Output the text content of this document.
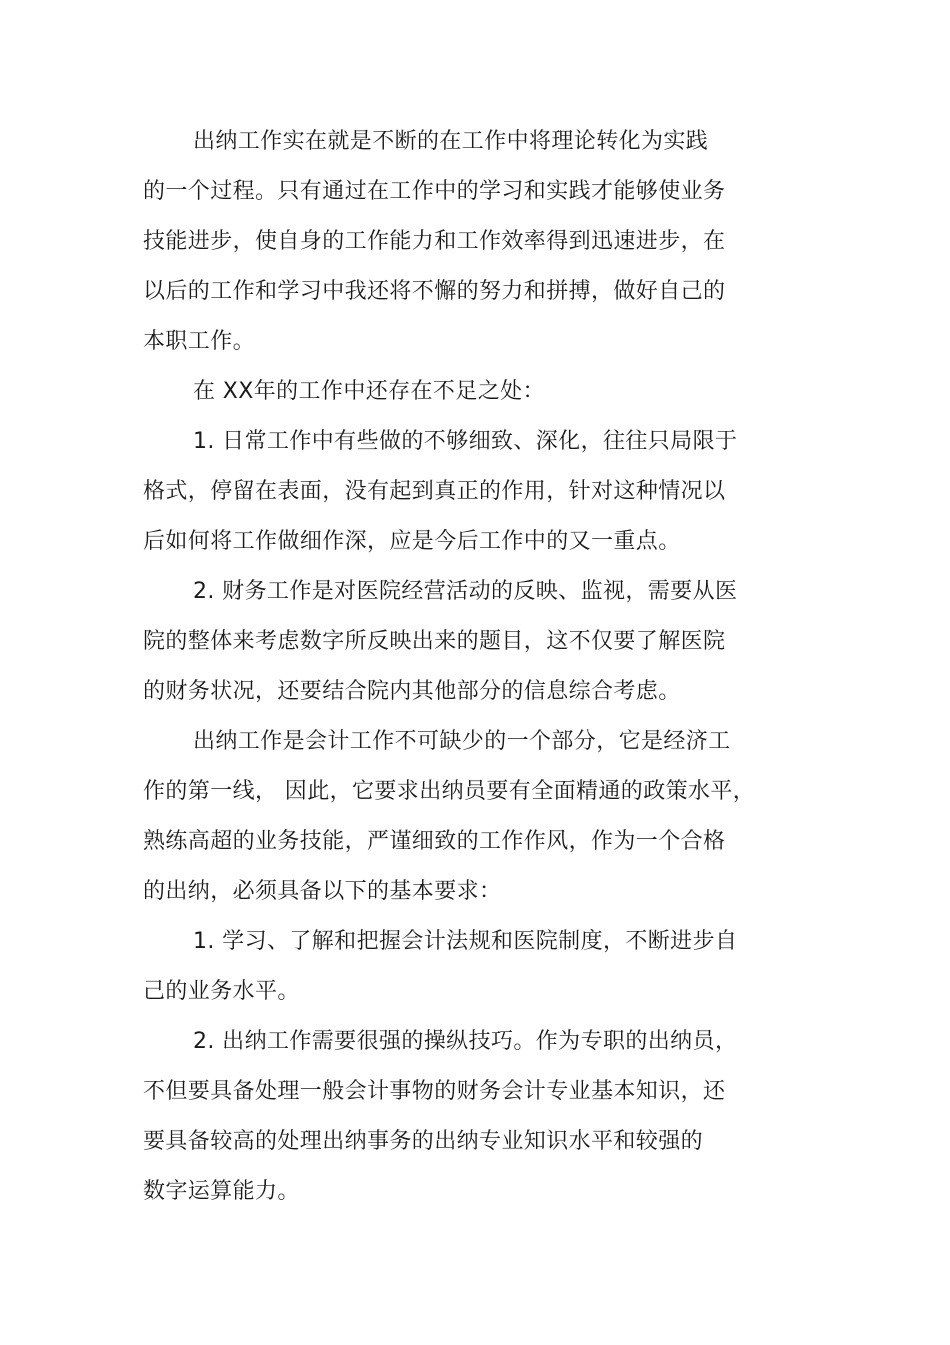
出纳工作实在就是不断的在工作中将理论转化为实践
的一个过程。只有通过在工作中的学习和实践才能够使业务
技能进步，使自身的工作能力和工作效率得到迅速进步，在
以后的工作和学习中我还将不懈的努力和拼搏，做好自己的
本职工作。
在 XX年的工作中还存在不足之处：
1. 日常工作中有些做的不够细致、深化，往往只局限于
格式，停留在表面，没有起到真正的作用，针对这种情况以
后如何将工作做细作深，应是今后工作中的又一重点。
2. 财务工作是对医院经营活动的反映、监视，需要从医
院的整体来考虑数字所反映出来的题目，这不仅要了解医院
的财务状况，还要结合院内其他部分的信息综合考虑。
出纳工作是会计工作不可缺少的一个部分，它是经济工
作的第一线， 因此，它要求出纳员要有全面精通的政策水平，
熟练高超的业务技能，严谨细致的工作作风，作为一个合格
的出纳，必须具备以下的基本要求：
1. 学习、了解和把握会计法规和医院制度，不断进步自
己的业务水平。
2. 出纳工作需要很强的操纵技巧。作为专职的出纳员，
不但要具备处理一般会计事物的财务会计专业基本知识，还
要具备较高的处理出纳事务的出纳专业知识水平和较强的
数字运算能力。
